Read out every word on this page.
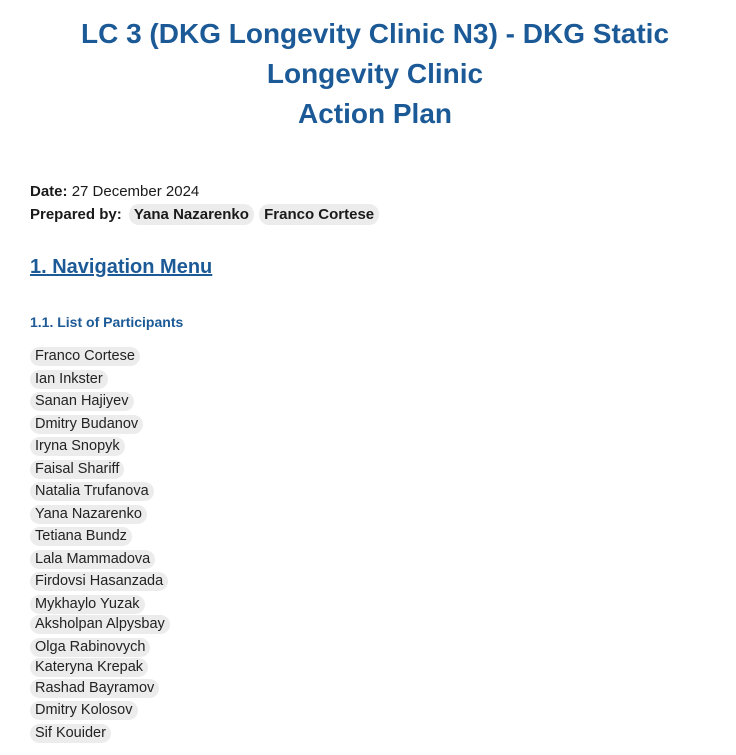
LC 3 (DKG Longevity Clinic N3) - DKG Static
Longevity Clinic
Action Plan
Date: 27 December 2024
Prepared by: Yana Nazarenko Franco Cortese
1. Navigation Menu
1.1. List of Participants
Franco Cortese
Ian Inkster
Sanan Hajiyev
Dmitry Budanov
Iryna Snopyk
Faisal Shariff
Natalia Trufanova
Yana Nazarenko
Tetiana Bundz
Lala Mammadova
Firdovsi Hasanzada
Mykhaylo Yuzak
Aksholpan Alpysbay
Olga Rabinovych
Kateryna Krepak
Rashad Bayramov
Dmitry Kolosov
Sif Kouider
